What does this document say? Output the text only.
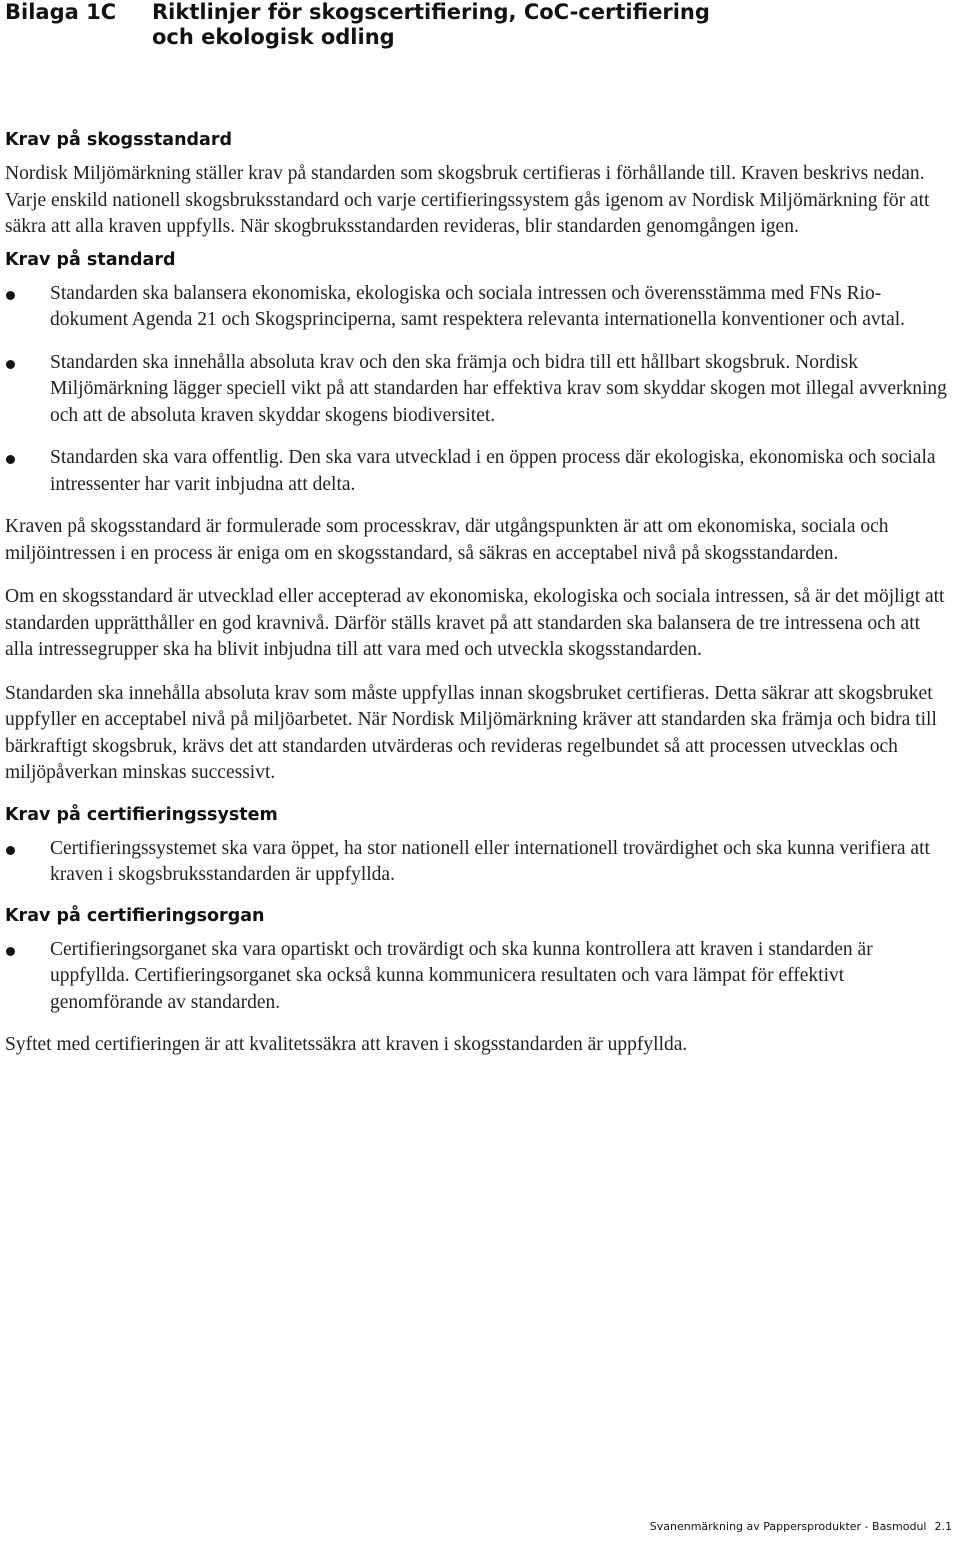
Bilaga 1C Riktlinjer för skogscertifiering, CoC-certifiering
och ekologisk odling
Krav på skogsstandard

Nordisk Miljömärkning ställer krav på standarden som skogsbruk certifieras i förhållande till. Kraven beskrivs nedan. Varje enskild nationell skogsbruksstandard och varje certifieringssystem gås igenom av Nordisk Miljömärkning för att säkra att alla kraven uppfylls. När skogbruksstandarden revideras, blir standarden genomgången igen.

Krav på standard
Standarden ska balansera ekonomiska, ekologiska och sociala intressen och överensstämma med FNs Rio-dokument Agenda 21 och Skogsprinciperna, samt respektera relevanta internationella konventioner och avtal.
Standarden ska innehålla absoluta krav och den ska främja och bidra till ett hållbart skogsbruk. Nordisk Miljömärkning lägger speciell vikt på att standarden har effektiva krav som skyddar skogen mot illegal avverkning och att de absoluta kraven skyddar skogens biodiversitet.
Standarden ska vara offentlig. Den ska vara utvecklad i en öppen process där ekologiska, ekonomiska och sociala intressenter har varit inbjudna att delta.

Kraven på skogsstandard är formulerade som processkrav, där utgångspunkten är att om ekonomiska, sociala och miljöintressen i en process är eniga om en skogsstandard, så säkras en acceptabel nivå på skogsstandarden.

Om en skogsstandard är utvecklad eller accepterad av ekonomiska, ekologiska och sociala intressen, så är det möjligt att standarden upprätthåller en god kravnivå. Därför ställs kravet på att standarden ska balansera de tre intressena och att alla intressegrupper ska ha blivit inbjudna till att vara med och utveckla skogsstandarden.

Standarden ska innehålla absoluta krav som måste uppfyllas innan skogsbruket certifieras. Detta säkrar att skogsbruket uppfyller en acceptabel nivå på miljöarbetet. När Nordisk Miljömärkning kräver att standarden ska främja och bidra till bärkraftigt skogsbruk, krävs det att standarden utvärderas och revideras regelbundet så att processen utvecklas och miljöpåverkan minskas successivt.

Krav på certifieringssystem
Certifieringssystemet ska vara öppet, ha stor nationell eller internationell trovärdighet och ska kunna verifiera att kraven i skogsbruksstandarden är uppfyllda.
Krav på certifieringsorgan
Certifieringsorganet ska vara opartiskt och trovärdigt och ska kunna kontrollera att kraven i standarden är uppfyllda. Certifieringsorganet ska också kunna kommunicera resultaten och vara lämpat för effektivt genomförande av standarden.

Syftet med certifieringen är att kvalitetssäkra att kraven i skogsstandarden är uppfyllda.

Svanenmärkning av Pappersprodukter - Basmodul 2.1
